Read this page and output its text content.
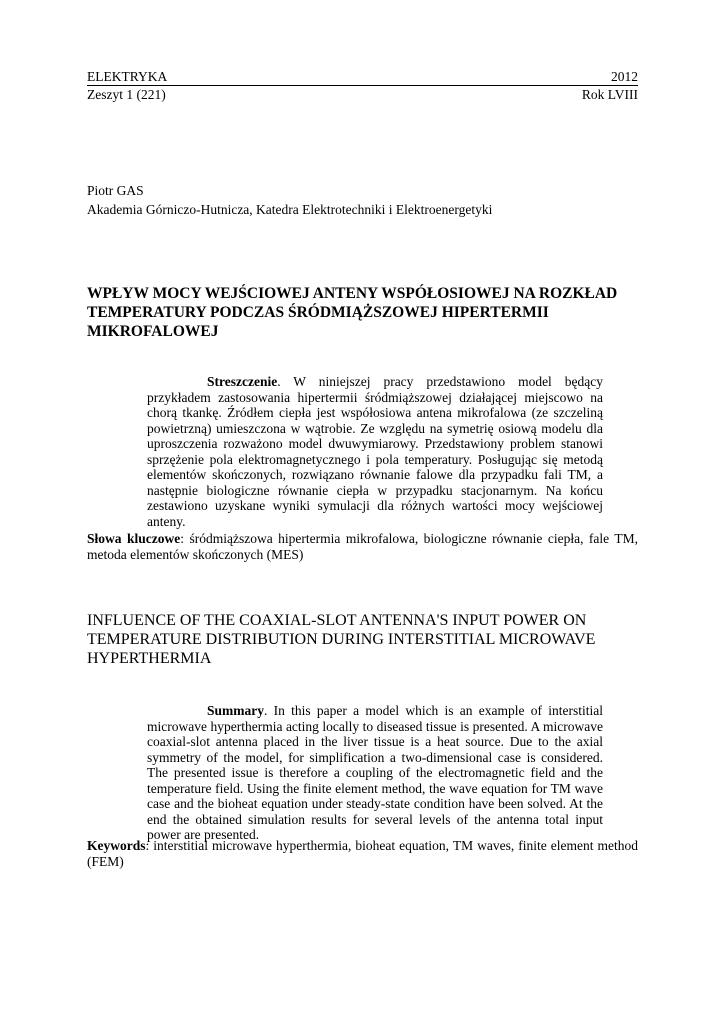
ELEKTRYKA	2012
Zeszyt 1 (221)	Rok LVIII
Piotr GAS
Akademia Górniczo-Hutnicza, Katedra Elektrotechniki i Elektroenergetyki
WPŁYW MOCY WEJŚCIOWEJ ANTENY WSPÓŁOSIOWEJ NA ROZKŁAD TEMPERATURY PODCZAS ŚRÓDMIĄŻSZOWEJ HIPERTERMII MIKROFALOWEJ

Streszczenie. W niniejszej pracy przedstawiono model będący przykładem zastosowania hipertermii śródmiąższowej działającej miejscowo na chorą tkankę. Źródłem ciepła jest współosiowa antena mikrofalowa (ze szczeliną powietrzną) umieszczona w wątrobie. Ze względu na symetrię osiową modelu dla uproszczenia rozważono model dwuwymiarowy. Przedstawiony problem stanowi sprzężenie pola elektromagnetycznego i pola temperatury. Posługując się metodą elementów skończonych, rozwiązano równanie falowe dla przypadku fali TM, a następnie biologiczne równanie ciepła w przypadku stacjonarnym. Na końcu zestawiono uzyskane wyniki symulacji dla różnych wartości mocy wejściowej anteny.

Słowa kluczowe: śródmiąższowa hipertermia mikrofalowa, biologiczne równanie ciepła, fale TM, metoda elementów skończonych (MES)

INFLUENCE OF THE COAXIAL-SLOT ANTENNA'S INPUT POWER ON TEMPERATURE DISTRIBUTION DURING INTERSTITIAL MICROWAVE HYPERTHERMIA

Summary. In this paper a model which is an example of interstitial microwave hyperthermia acting locally to diseased tissue is presented. A microwave coaxial-slot antenna placed in the liver tissue is a heat source. Due to the axial symmetry of the model, for simplification a two-dimensional case is considered. The presented issue is therefore a coupling of the electromagnetic field and the temperature field. Using the finite element method, the wave equation for TM wave case and the bioheat equation under steady-state condition have been solved. At the end the obtained simulation results for several levels of the antenna total input power are presented.

Keywords: interstitial microwave hyperthermia, bioheat equation, TM waves, finite element method (FEM)
